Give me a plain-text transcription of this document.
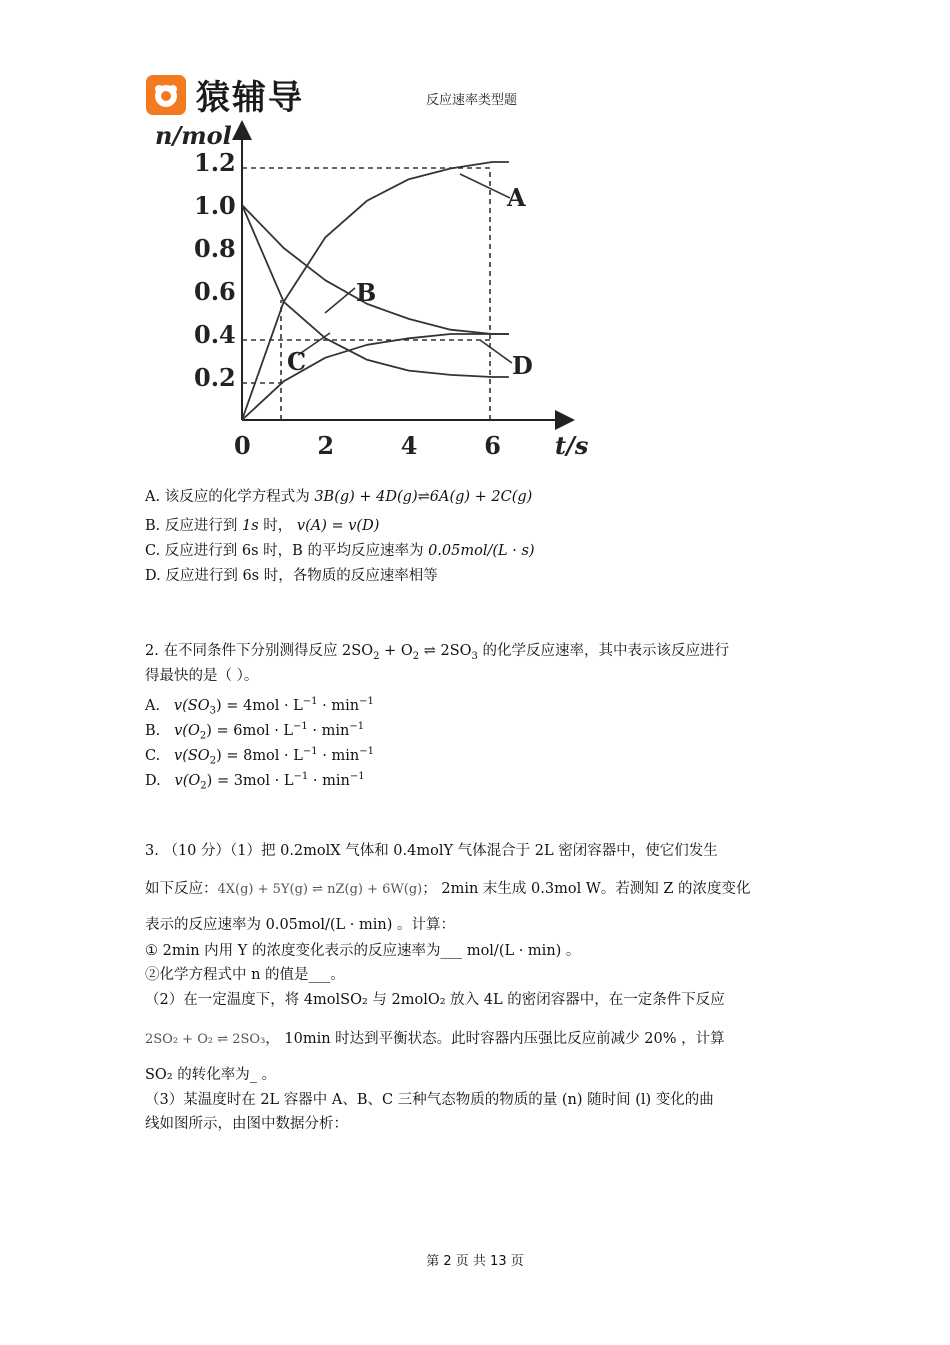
猿辅导	反应速率类型题
n/mol
t/s
1.2
1.0
0.8
0.6
0.4
0.2
0	2	4	6
A
B
C	D
A. 该反应的化学方程式为 3B(g) + 4D(g)⇌6A(g) + 2C(g)
B. 反应进行到 1s 时， v(A) = v(D)
C. 反应进行到 6s 时，B 的平均反应速率为 0.05mol/(L · s)
D. 反应进行到 6s 时，各物质的反应速率相等
2. 在不同条件下分别测得反应 $2SO_2 + O_2$ ⇌ $2SO_3$ 的化学反应速率，其中表示该反应进行
得最快的是（ ）。
A. $v(SO_3) = 4mol \cdot L^{-1} \cdot \min^{-1}$
B. $v(O_2) = 6mol \cdot L^{-1} \cdot \min^{-1}$
C. $v(SO_2) = 8mol \cdot L^{-1} \cdot \min^{-1}$
D. $v(O_2) = 3mol \cdot L^{-1} \cdot \min^{-1}$
3. （10 分）（1）把 0.2molX 气体和 0.4molY 气体混合于 2L 密闭容器中，使它们发生
如下反应：4X(g) + 5Y(g) ⇌ nZ(g) + 6W(g)； 2min 末生成 0.3mol W。若测知 Z 的浓度变化
表示的反应速率为 0.05mol/(L · min) 。计算：
① 2min 内用 Y 的浓度变化表示的反应速率为___ mol/(L · min) 。
②化学方程式中 n 的值是___。
（2）在一定温度下，将 4molSO₂ 与 2molO₂ 放入 4L 的密闭容器中，在一定条件下反应
2SO₂ + O₂ ⇌ 2SO₃， 10min 时达到平衡状态。此时容器内压强比反应前减少 20% ，计算
SO₂ 的转化率为_ 。
（3）某温度时在 2L 容器中 A、B、C 三种气态物质的物质的量 (n) 随时间 (l) 变化的曲
线如图所示，由图中数据分析：
第 2 页 共 13 页
